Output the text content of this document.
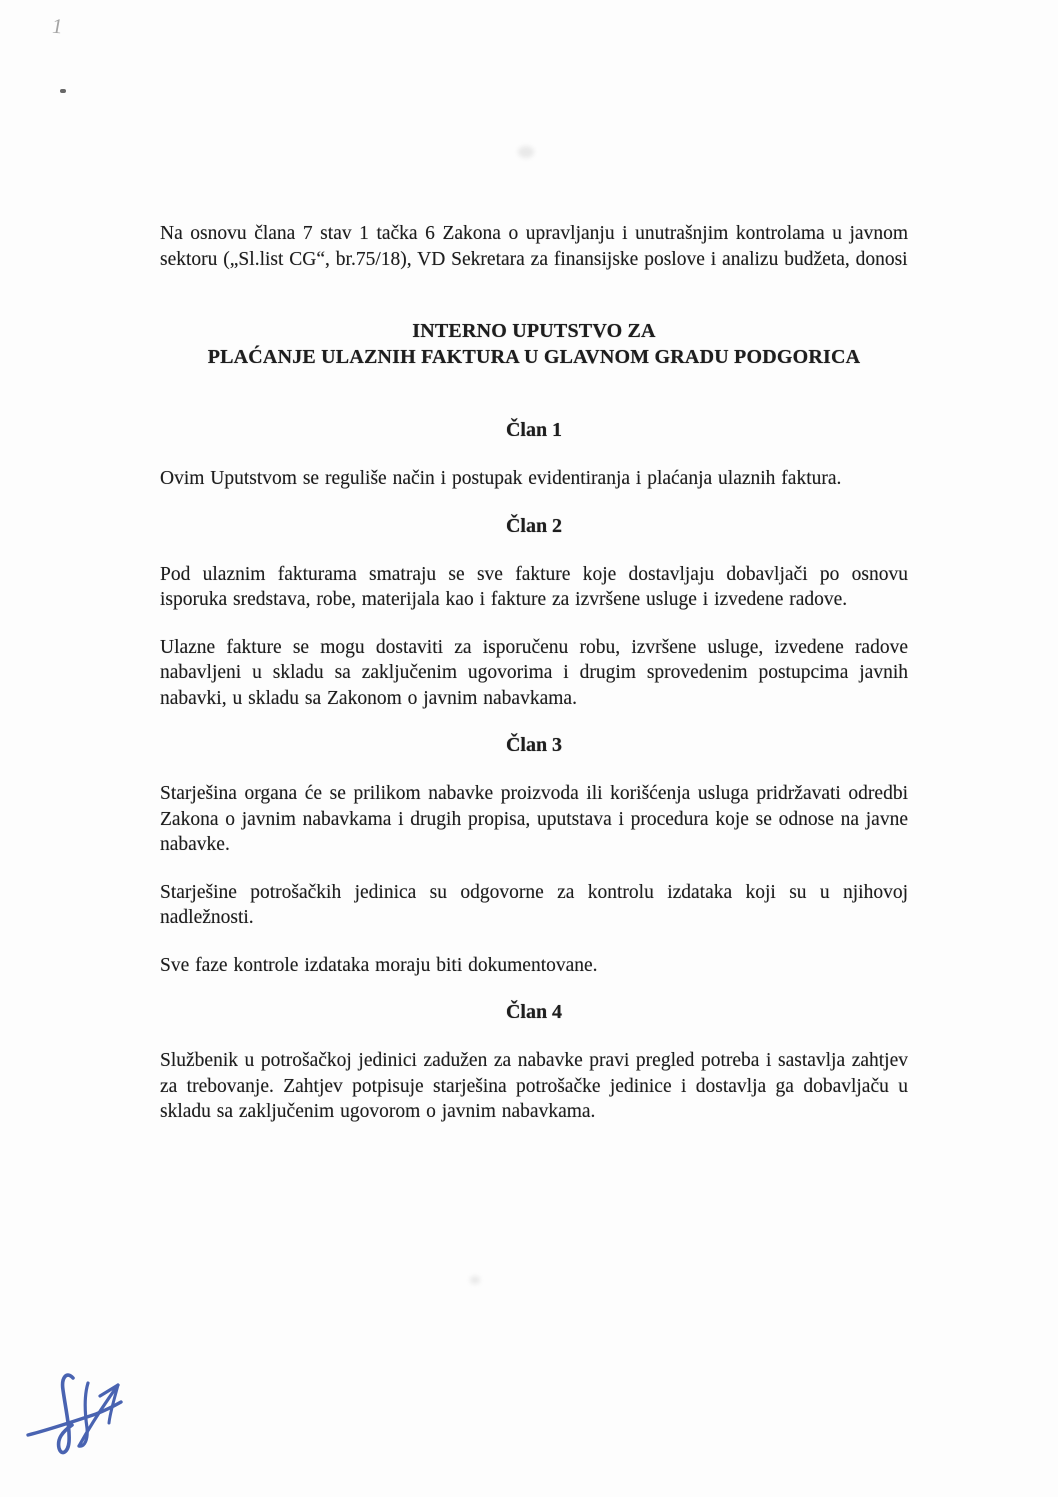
1

Na osnovu člana 7 stav 1 tačka 6 Zakona o upravljanju i unutrašnjim kontrolama u javnom sektoru („Sl.list CG“, br.75/18), VD Sekretara za finansijske poslove i analizu budžeta, donosi

INTERNO UPUTSTVO ZA
PLAĆANJE ULAZNIH FAKTURA U GLAVNOM GRADU PODGORICA
Član 1

Ovim Uputstvom se reguliše način i postupak evidentiranja i plaćanja ulaznih faktura.

Član 2

Pod ulaznim fakturama smatraju se sve fakture koje dostavljaju dobavljači po osnovu isporuka sredstava, robe, materijala kao i fakture za izvršene usluge i izvedene radove.

Ulazne fakture se mogu dostaviti za isporučenu robu, izvršene usluge, izvedene radove nabavljeni u skladu sa zaključenim ugovorima i drugim sprovedenim postupcima javnih nabavki, u skladu sa Zakonom o javnim nabavkama.

Član 3

Starješina organa će se prilikom nabavke proizvoda ili korišćenja usluga pridržavati odredbi Zakona o javnim nabavkama i drugih propisa, uputstava i procedura koje se odnose na javne nabavke.

Starješine potrošačkih jedinica su odgovorne za kontrolu izdataka koji su u njihovoj nadležnosti.

Sve faze kontrole izdataka moraju biti dokumentovane.

Član 4

Službenik u potrošačkoj jedinici zadužen za nabavke pravi pregled potreba i sastavlja zahtjev za trebovanje. Zahtjev potpisuje starješina potrošačke jedinice i dostavlja ga dobavljaču u skladu sa zaključenim ugovorom o javnim nabavkama.
